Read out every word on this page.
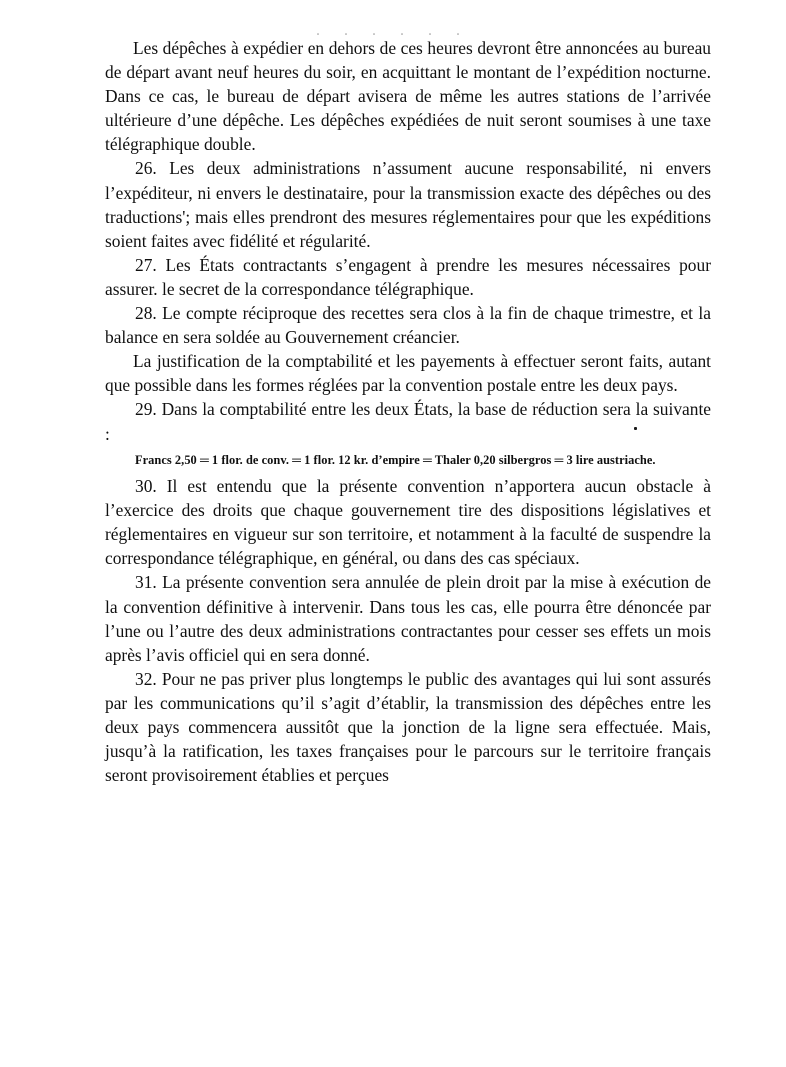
. . . . . .

Les dépêches à expédier en dehors de ces heures devront être annoncées au bureau de départ avant neuf heures du soir, en acquittant le montant de l’expédition nocturne. Dans ce cas, le bureau de départ avisera de même les autres stations de l’arrivée ultérieure d’une dépêche. Les dépêches expédiées de nuit seront soumises à une taxe télégraphique double.

26. Les deux administrations n’assument aucune responsabilité, ni envers l’expéditeur, ni envers le destinataire, pour la transmission exacte des dépêches ou des traductions'; mais elles prendront des mesures réglementaires pour que les expéditions soient faites avec fidélité et régularité.

27. Les États contractants s’engagent à prendre les mesures nécessaires pour assurer. le secret de la correspondance télégraphique.

28. Le compte réciproque des recettes sera clos à la fin de chaque trimestre, et la balance en sera soldée au Gouvernement créancier.

La justification de la comptabilité et les payements à effectuer seront faits, autant que possible dans les formes réglées par la convention postale entre les deux pays.

29. Dans la comptabilité entre les deux États, la base de réduction sera la suivante :

Francs 2,50 ═ 1 flor. de conv. ═ 1 flor. 12 kr. d’empire ═ Thaler 0,20 silbergros ═ 3 lire austriache.

30. Il est entendu que la présente convention n’apportera aucun obstacle à l’exercice des droits que chaque gouvernement tire des dispositions législatives et réglementaires en vigueur sur son territoire, et notamment à la faculté de suspendre la correspondance télégraphique, en général, ou dans des cas spéciaux.

31. La présente convention sera annulée de plein droit par la mise à exécution de la convention définitive à intervenir. Dans tous les cas, elle pourra être dénoncée par l’une ou l’autre des deux administrations contractantes pour cesser ses effets un mois après l’avis officiel qui en sera donné.

32. Pour ne pas priver plus longtemps le public des avantages qui lui sont assurés par les communications qu’il s’agit d’établir, la transmission des dépêches entre les deux pays commencera aussitôt que la jonction de la ligne sera effectuée. Mais, jusqu’à la ratification, les taxes françaises pour le parcours sur le territoire français seront provisoirement établies et perçues
